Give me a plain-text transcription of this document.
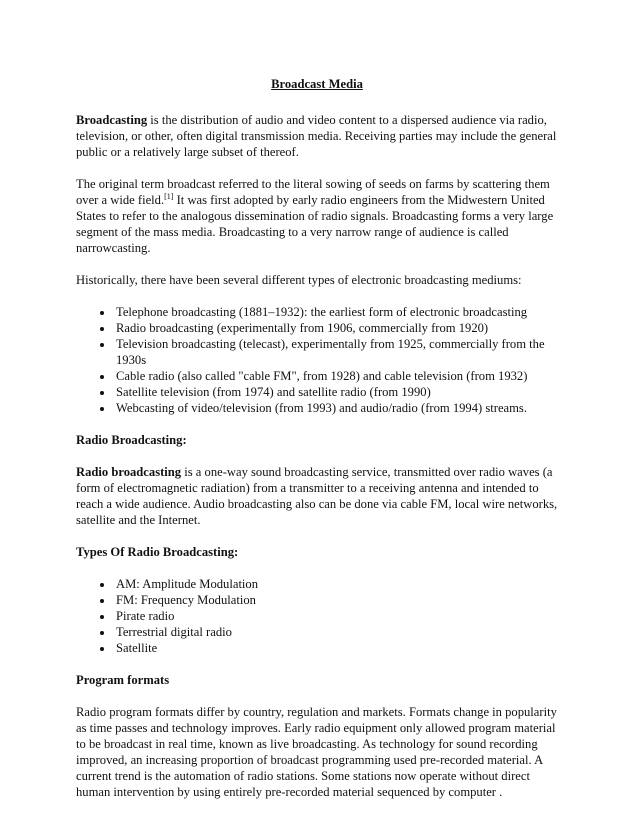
Broadcast Media

Broadcasting is the distribution of audio and video content to a dispersed audience via radio, television, or other, often digital transmission media. Receiving parties may include the general public or a relatively large subset of thereof.

The original term broadcast referred to the literal sowing of seeds on farms by scattering them over a wide field.[1] It was first adopted by early radio engineers from the Midwestern United States to refer to the analogous dissemination of radio signals. Broadcasting forms a very large segment of the mass media. Broadcasting to a very narrow range of audience is called narrowcasting.

Historically, there have been several different types of electronic broadcasting mediums:

• Telephone broadcasting (1881–1932): the earliest form of electronic broadcasting
• Radio broadcasting (experimentally from 1906, commercially from 1920)
• Television broadcasting (telecast), experimentally from 1925, commercially from the 1930s
• Cable radio (also called "cable FM", from 1928) and cable television (from 1932)
• Satellite television (from 1974) and satellite radio (from 1990)
• Webcasting of video/television (from 1993) and audio/radio (from 1994) streams.
Radio Broadcasting:

Radio broadcasting is a one-way sound broadcasting service, transmitted over radio waves (a form of electromagnetic radiation) from a transmitter to a receiving antenna and intended to reach a wide audience. Audio broadcasting also can be done via cable FM, local wire networks, satellite and the Internet.

Types Of Radio Broadcasting:
• AM: Amplitude Modulation
• FM: Frequency Modulation
• Pirate radio
• Terrestrial digital radio
• Satellite
Program formats

Radio program formats differ by country, regulation and markets. Formats change in popularity as time passes and technology improves. Early radio equipment only allowed program material to be broadcast in real time, known as live broadcasting. As technology for sound recording improved, an increasing proportion of broadcast programming used pre-recorded material. A current trend is the automation of radio stations. Some stations now operate without direct human intervention by using entirely pre-recorded material sequenced by computer .
